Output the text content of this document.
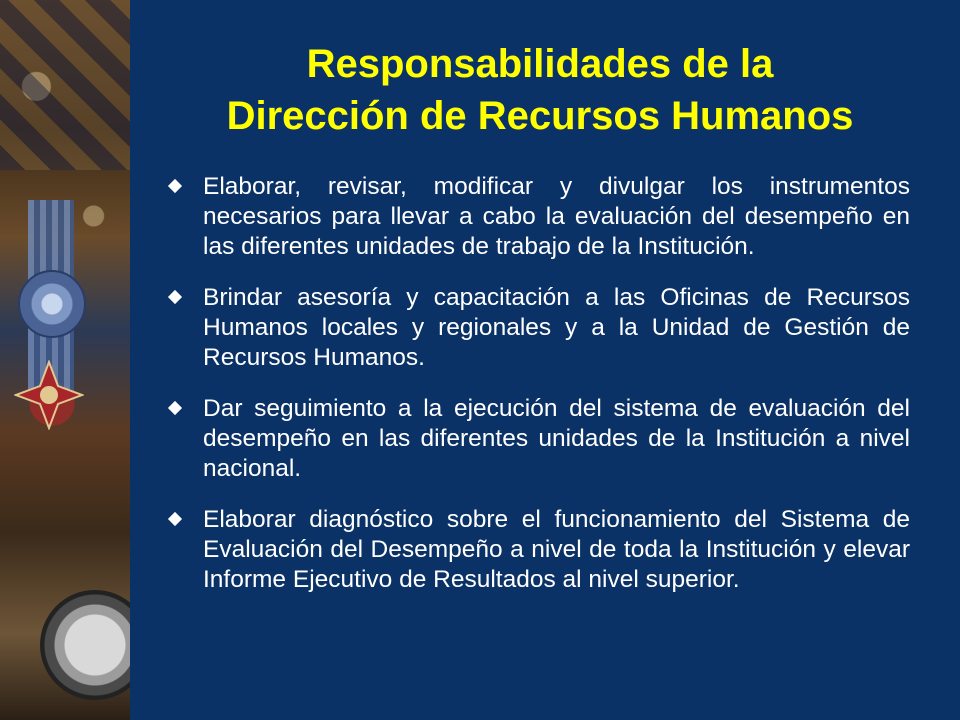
Responsabilidades de la
Dirección de Recursos Humanos
Elaborar, revisar, modificar y divulgar los instrumentos necesarios para llevar a cabo la evaluación del desempeño en las diferentes unidades de trabajo de la Institución.
Brindar asesoría y capacitación a las Oficinas de Recursos Humanos locales y regionales y a la Unidad de Gestión de Recursos Humanos.
Dar seguimiento a la ejecución del sistema de evaluación del desempeño en las diferentes unidades de la Institución a nivel nacional.
Elaborar diagnóstico sobre el funcionamiento del Sistema de Evaluación del Desempeño a nivel de toda la Institución y elevar Informe Ejecutivo de Resultados al nivel superior.
